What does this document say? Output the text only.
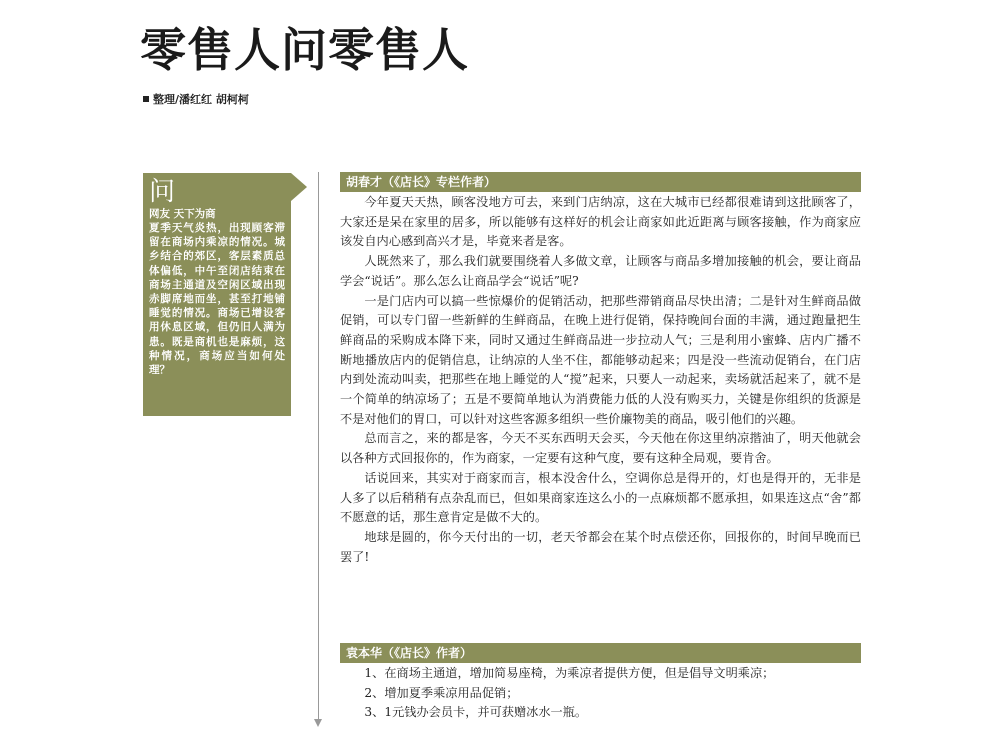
零售人问零售人
整理/潘红红 胡柯柯
问
网友 天下为商
夏季天气炎热，出现顾客滞留在商场内乘凉的情况。城乡结合的郊区，客层素质总体偏低，中午至闭店结束在商场主通道及空闲区域出现赤脚席地而坐，甚至打地铺睡觉的情况。商场已增设客用休息区域，但仍旧人满为患。既是商机也是麻烦，这种情况，商场应当如何处理？
胡春才（《店长》专栏作者）

今年夏天天热，顾客没地方可去，来到门店纳凉，这在大城市已经都很难请到这批顾客了，大家还是呆在家里的居多，所以能够有这样好的机会让商家如此近距离与顾客接触，作为商家应该发自内心感到高兴才是，毕竟来者是客。

人既然来了，那么我们就要围绕着人多做文章，让顾客与商品多增加接触的机会，要让商品学会“说话”。那么怎么让商品学会“说话”呢?

一是门店内可以搞一些惊爆价的促销活动，把那些滞销商品尽快出清；二是针对生鲜商品做促销，可以专门留一些新鲜的生鲜商品，在晚上进行促销，保持晚间台面的丰满，通过跑量把生鲜商品的采购成本降下来，同时又通过生鲜商品进一步拉动人气；三是利用小蜜蜂、店内广播不断地播放店内的促销信息，让纳凉的人坐不住，都能够动起来；四是没一些流动促销台，在门店内到处流动叫卖，把那些在地上睡觉的人“搅”起来，只要人一动起来，卖场就活起来了，就不是一个简单的纳凉场了；五是不要简单地认为消费能力低的人没有购买力，关键是你组织的货源是不是对他们的胃口，可以针对这些客源多组织一些价廉物美的商品，吸引他们的兴趣。

总而言之，来的都是客，今天不买东西明天会买，今天他在你这里纳凉揩油了，明天他就会以各种方式回报你的，作为商家，一定要有这种气度，要有这种全局观，要肯舍。

话说回来，其实对于商家而言，根本没舍什么，空调你总是得开的，灯也是得开的，无非是人多了以后稍稍有点杂乱而已，但如果商家连这么小的一点麻烦都不愿承担，如果连这点“舍”都不愿意的话，那生意肯定是做不大的。

地球是圆的，你今天付出的一切，老天爷都会在某个时点偿还你，回报你的，时间早晚而已罢了!

袁本华（《店长》作者）

1、在商场主通道，增加简易座椅，为乘凉者提供方便，但是倡导文明乘凉；

2、增加夏季乘凉用品促销；

3、1元钱办会员卡，并可获赠冰水一瓶。
